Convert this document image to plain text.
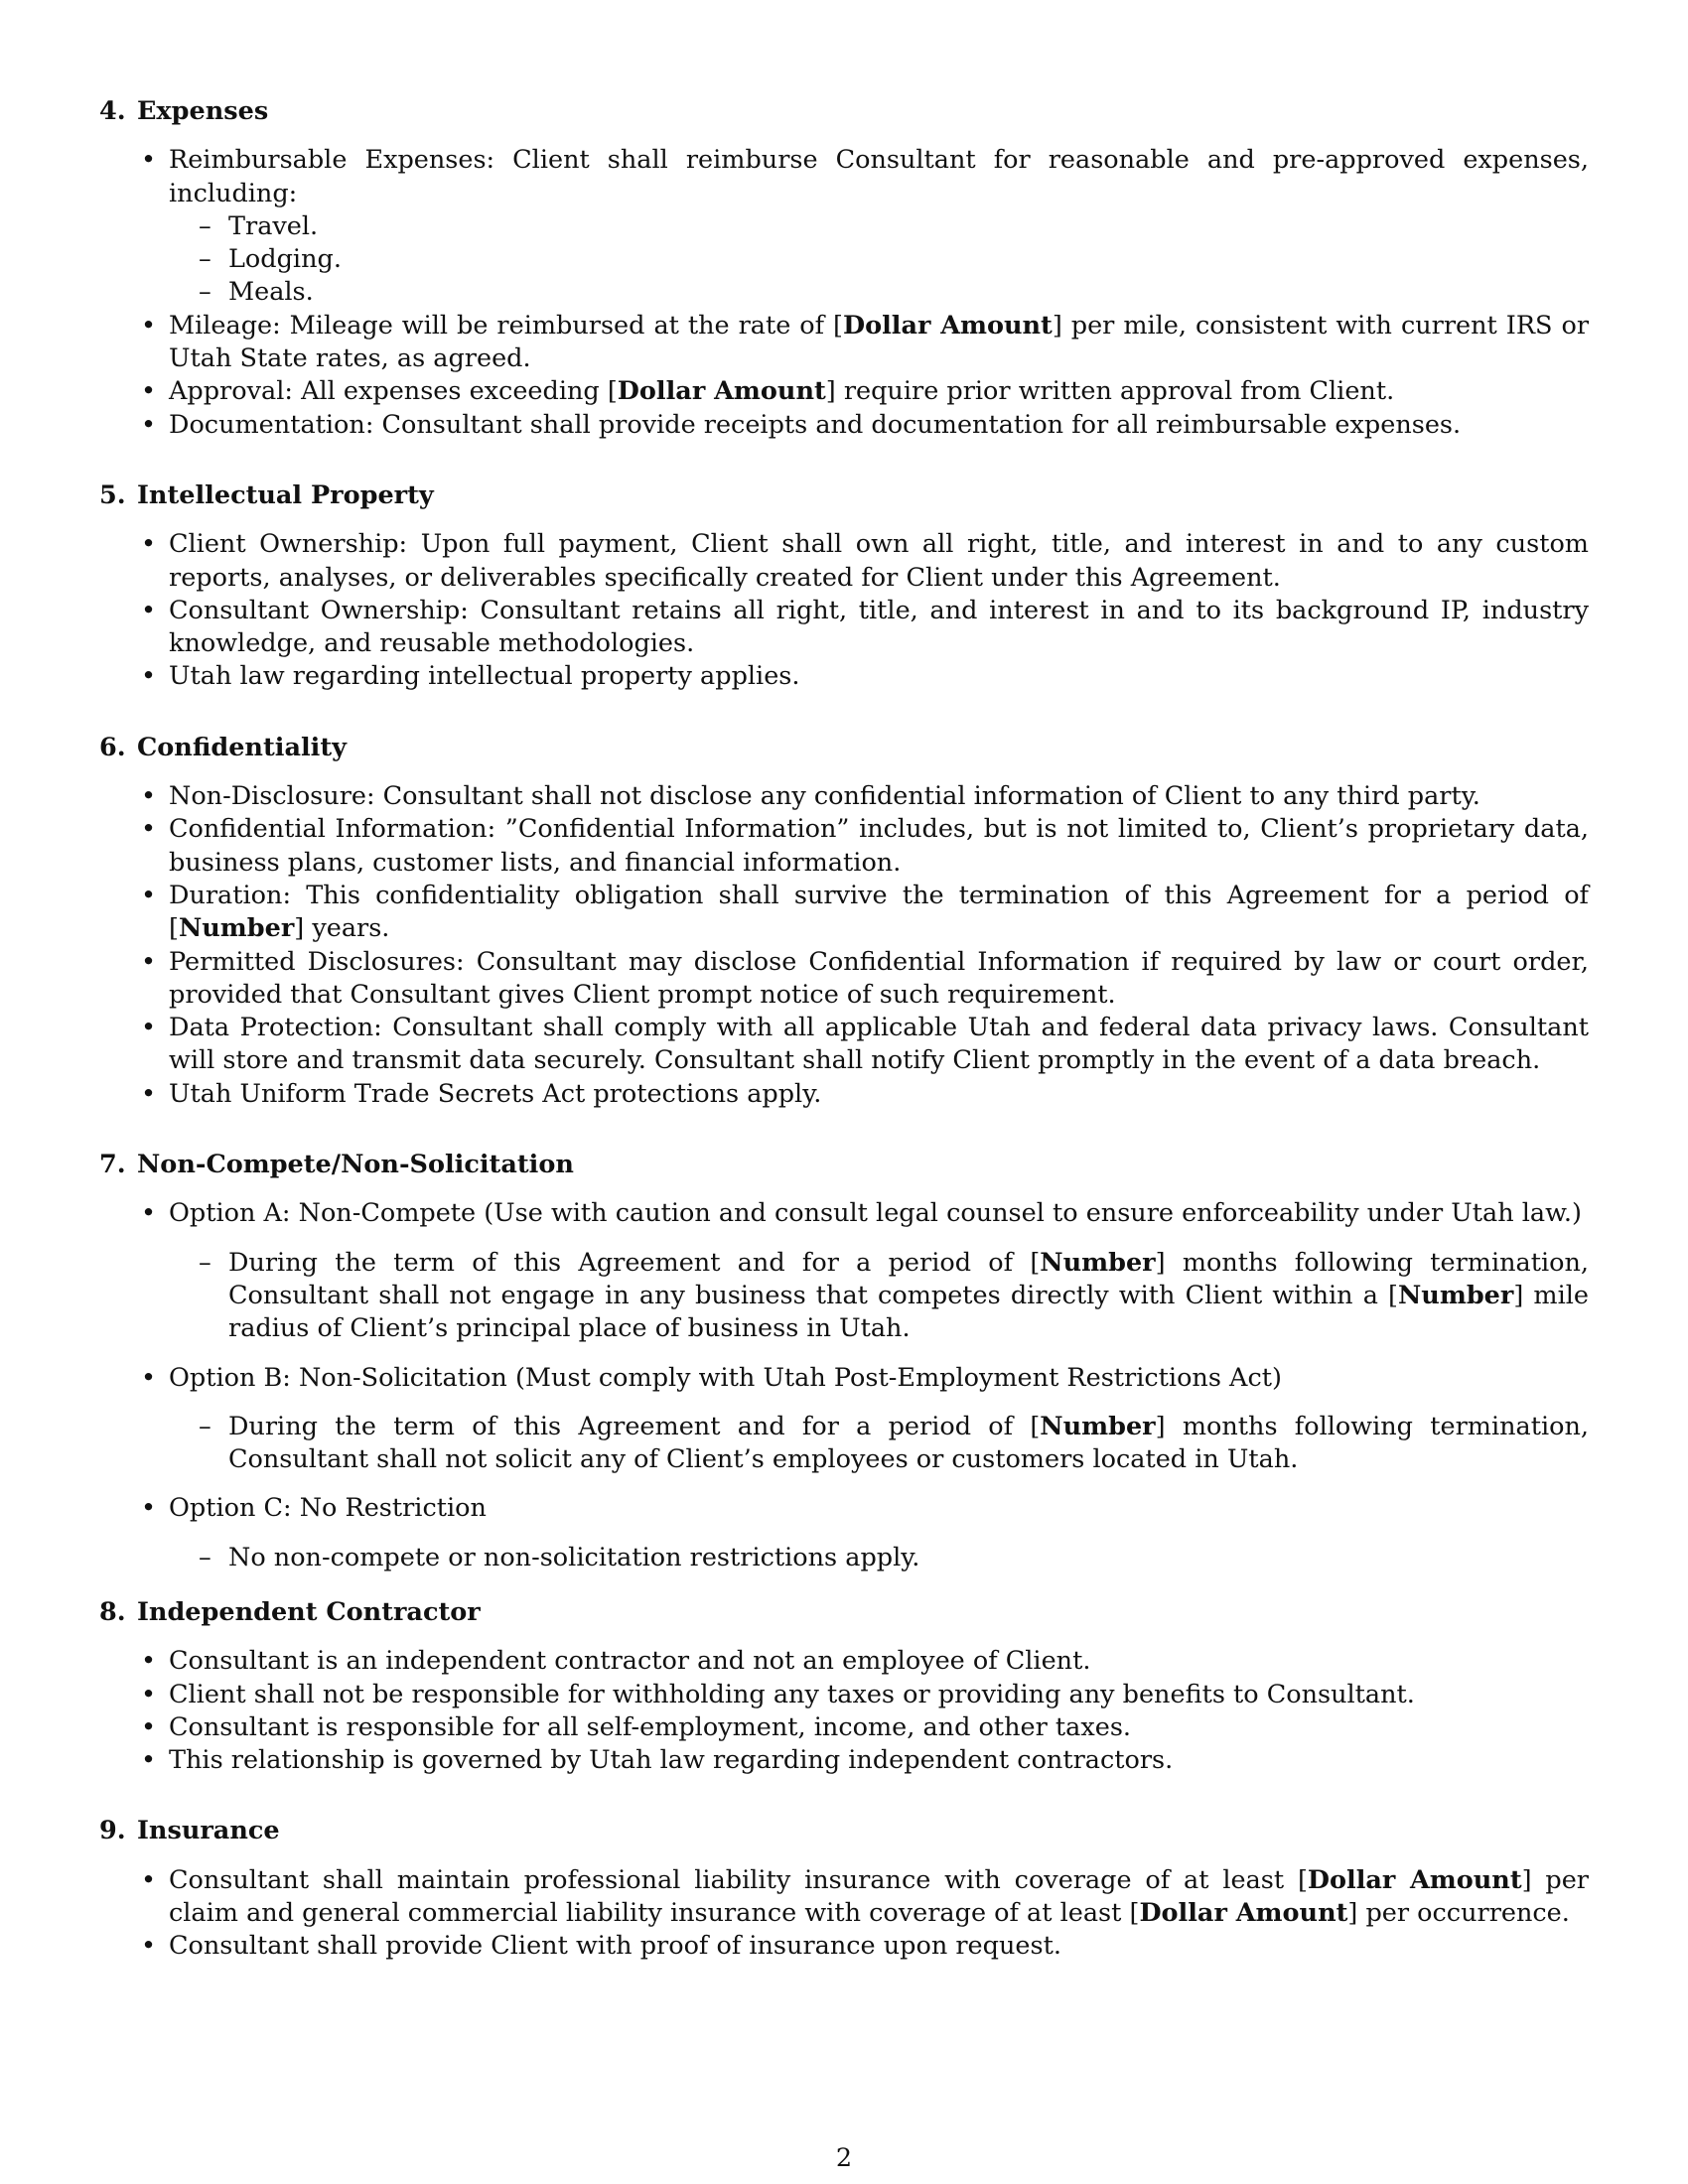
4. Expenses
• Reimbursable Expenses: Client shall reimburse Consultant for reasonable and pre-approved expenses, including:
– Travel.
– Lodging.
– Meals.
• Mileage: Mileage will be reimbursed at the rate of [Dollar Amount] per mile, consistent with current IRS or Utah State rates, as agreed.
• Approval: All expenses exceeding [Dollar Amount] require prior written approval from Client.
• Documentation: Consultant shall provide receipts and documentation for all reimbursable expenses.
5. Intellectual Property
• Client Ownership: Upon full payment, Client shall own all right, title, and interest in and to any custom reports, analyses, or deliverables specifically created for Client under this Agreement.
• Consultant Ownership: Consultant retains all right, title, and interest in and to its background IP, industry knowledge, and reusable methodologies.
• Utah law regarding intellectual property applies.
6. Confidentiality
• Non-Disclosure: Consultant shall not disclose any confidential information of Client to any third party.
• Confidential Information: ”Confidential Information” includes, but is not limited to, Client’s proprietary data, business plans, customer lists, and financial information.
• Duration: This confidentiality obligation shall survive the termination of this Agreement for a period of [Number] years.
• Permitted Disclosures: Consultant may disclose Confidential Information if required by law or court order, provided that Consultant gives Client prompt notice of such requirement.
• Data Protection: Consultant shall comply with all applicable Utah and federal data privacy laws. Consultant will store and transmit data securely. Consultant shall notify Client promptly in the event of a data breach.
• Utah Uniform Trade Secrets Act protections apply.
7. Non-Compete/Non-Solicitation
• Option A: Non-Compete (Use with caution and consult legal counsel to ensure enforceability under Utah law.)
– During the term of this Agreement and for a period of [Number] months following termination, Consultant shall not engage in any business that competes directly with Client within a [Number] mile radius of Client’s principal place of business in Utah.
• Option B: Non-Solicitation (Must comply with Utah Post-Employment Restrictions Act)
– During the term of this Agreement and for a period of [Number] months following termination, Consultant shall not solicit any of Client’s employees or customers located in Utah.
• Option C: No Restriction
– No non-compete or non-solicitation restrictions apply.
8. Independent Contractor
• Consultant is an independent contractor and not an employee of Client.
• Client shall not be responsible for withholding any taxes or providing any benefits to Consultant.
• Consultant is responsible for all self-employment, income, and other taxes.
• This relationship is governed by Utah law regarding independent contractors.
9. Insurance
• Consultant shall maintain professional liability insurance with coverage of at least [Dollar Amount] per claim and general commercial liability insurance with coverage of at least [Dollar Amount] per occurrence.
• Consultant shall provide Client with proof of insurance upon request.
2
